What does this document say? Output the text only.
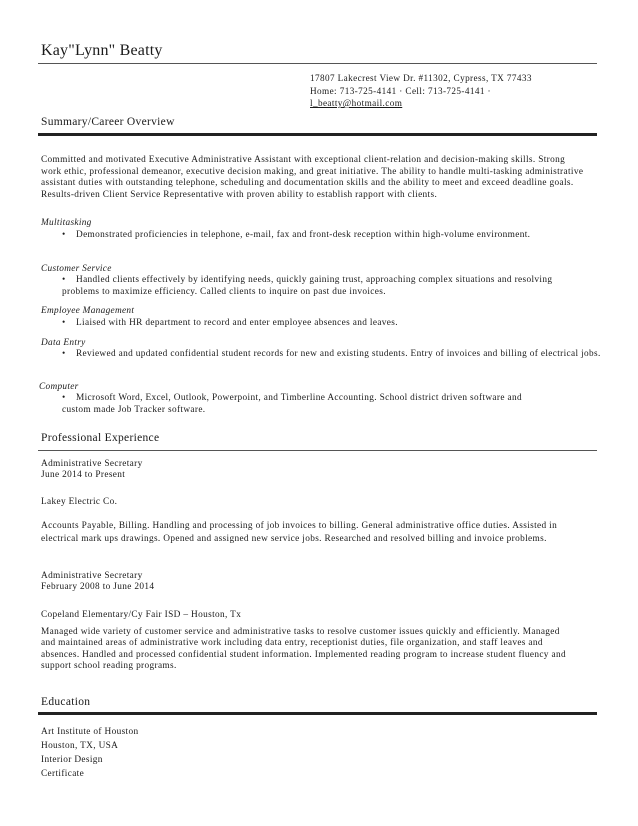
Kay"Lynn" Beatty
17807 Lakecrest View Dr. #11302, Cypress, TX 77433
Home: 713-725-4141 · Cell: 713-725-4141 ·
l_beatty@hotmail.com
Summary/Career Overview
Committed and motivated Executive Administrative Assistant with exceptional client-relation and decision-making skills. Strong work ethic, professional demeanor, executive decision making, and great initiative. The ability to handle multi-tasking administrative assistant duties with outstanding telephone, scheduling and documentation skills and the ability to meet and exceed deadline goals. Results-driven Client Service Representative with proven ability to establish rapport with clients.
Multitasking
• Demonstrated proficiencies in telephone, e-mail, fax and front-desk reception within high-volume environment.
Customer Service
• Handled clients effectively by identifying needs, quickly gaining trust, approaching complex situations and resolving problems to maximize efficiency. Called clients to inquire on past due invoices.
Employee Management
• Liaised with HR department to record and enter employee absences and leaves.
Data Entry
• Reviewed and updated confidential student records for new and existing students. Entry of invoices and billing of electrical jobs.
Computer
• Microsoft Word, Excel, Outlook, Powerpoint, and Timberline Accounting. School district driven software and custom made Job Tracker software.
Professional Experience
Administrative Secretary
June 2014 to Present
Lakey Electric Co.
Accounts Payable, Billing. Handling and processing of job invoices to billing. General administrative office duties. Assisted in electrical mark ups drawings. Opened and assigned new service jobs. Researched and resolved billing and invoice problems.
Administrative Secretary
February 2008 to June 2014
Copeland Elementary/Cy Fair ISD – Houston, Tx
Managed wide variety of customer service and administrative tasks to resolve customer issues quickly and efficiently. Managed and maintained areas of administrative work including data entry, receptionist duties, file organization, and staff leaves and absences. Handled and processed confidential student information. Implemented reading program to increase student fluency and support school reading programs.
Education
Art Institute of Houston
Houston, TX, USA
Interior Design
Certificate
